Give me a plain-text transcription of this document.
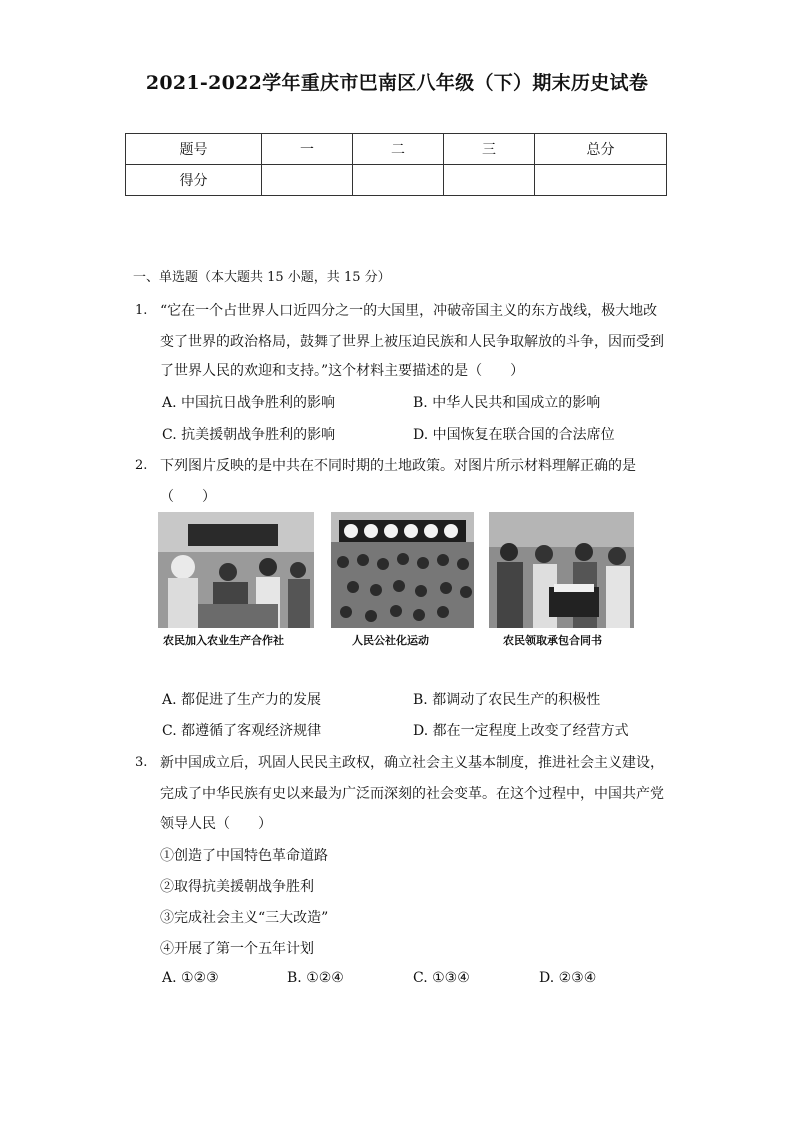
2021-2022学年重庆市巴南区八年级（下）期末历史试卷
题号	一	二	三	总分
得分				
一、单选题（本大题共 15 小题，共 15 分）
1. “它在一个占世界人口近四分之一的大国里，冲破帝国主义的东方战线，极大地改
变了世界的政治格局，鼓舞了世界上被压迫民族和人民争取解放的斗争，因而受到
了世界人民的欢迎和支持。”这个材料主要描述的是（　　）
A. 中国抗日战争胜利的影响	B. 中华人民共和国成立的影响
C. 抗美援朝战争胜利的影响	D. 中国恢复在联合国的合法席位
2. 下列图片反映的是中共在不同时期的土地政策。对图片所示材料理解正确的是
（　　）
农民加入农业生产合作社	人民公社化运动	农民领取承包合同书
A. 都促进了生产力的发展	B. 都调动了农民生产的积极性
C. 都遵循了客观经济规律	D. 都在一定程度上改变了经营方式
3. 新中国成立后，巩固人民民主政权，确立社会主义基本制度，推进社会主义建设，
完成了中华民族有史以来最为广泛而深刻的社会变革。在这个过程中，中国共产党
领导人民（　　）
①创造了中国特色革命道路
②取得抗美援朝战争胜利
③完成社会主义“三大改造”
④开展了第一个五年计划
A. ①②③	B. ①②④	C. ①③④	D. ②③④
